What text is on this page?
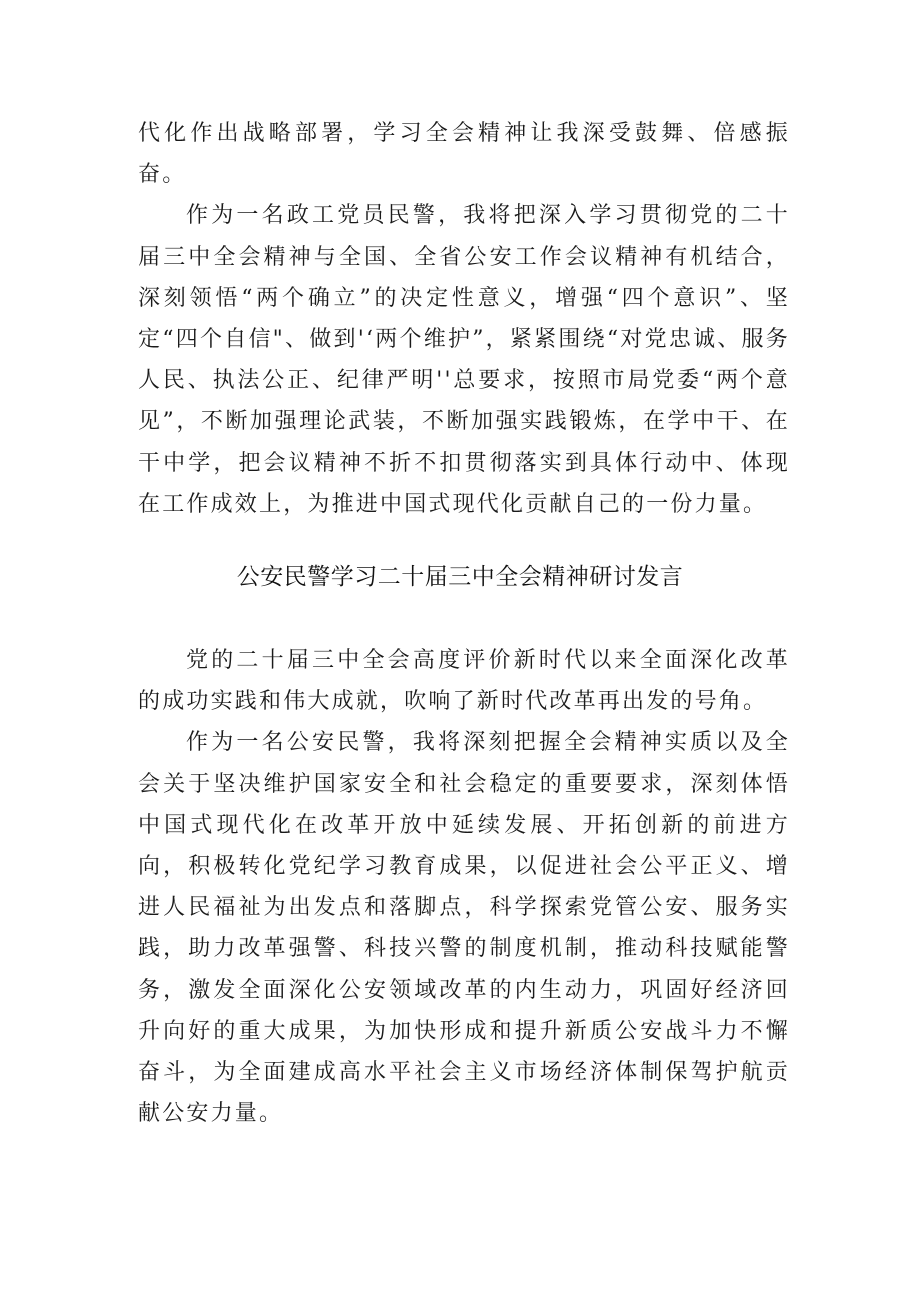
代化作出战略部署，学习全会精神让我深受鼓舞、倍感振奋。

作为一名政工党员民警，我将把深入学习贯彻党的二十届三中全会精神与全国、全省公安工作会议精神有机结合，深刻领悟“两个确立”的决定性意义，增强“四个意识”、坚定“四个自信"、做到'‘两个维护”，紧紧围绕“对党忠诚、服务人民、执法公正、纪律严明''总要求，按照市局党委“两个意见”，不断加强理论武装，不断加强实践锻炼，在学中干、在干中学，把会议精神不折不扣贯彻落实到具体行动中、体现在工作成效上，为推进中国式现代化贡献自己的一份力量。

公安民警学习二十届三中全会精神研讨发言

党的二十届三中全会高度评价新时代以来全面深化改革的成功实践和伟大成就，吹响了新时代改革再出发的号角。

作为一名公安民警，我将深刻把握全会精神实质以及全会关于坚决维护国家安全和社会稳定的重要要求，深刻体悟中国式现代化在改革开放中延续发展、开拓创新的前进方向，积极转化党纪学习教育成果，以促进社会公平正义、增进人民福祉为出发点和落脚点，科学探索党管公安、服务实践，助力改革强警、科技兴警的制度机制，推动科技赋能警务，激发全面深化公安领域改革的内生动力，巩固好经济回升向好的重大成果，为加快形成和提升新质公安战斗力不懈奋斗，为全面建成高水平社会主义市场经济体制保驾护航贡献公安力量。
